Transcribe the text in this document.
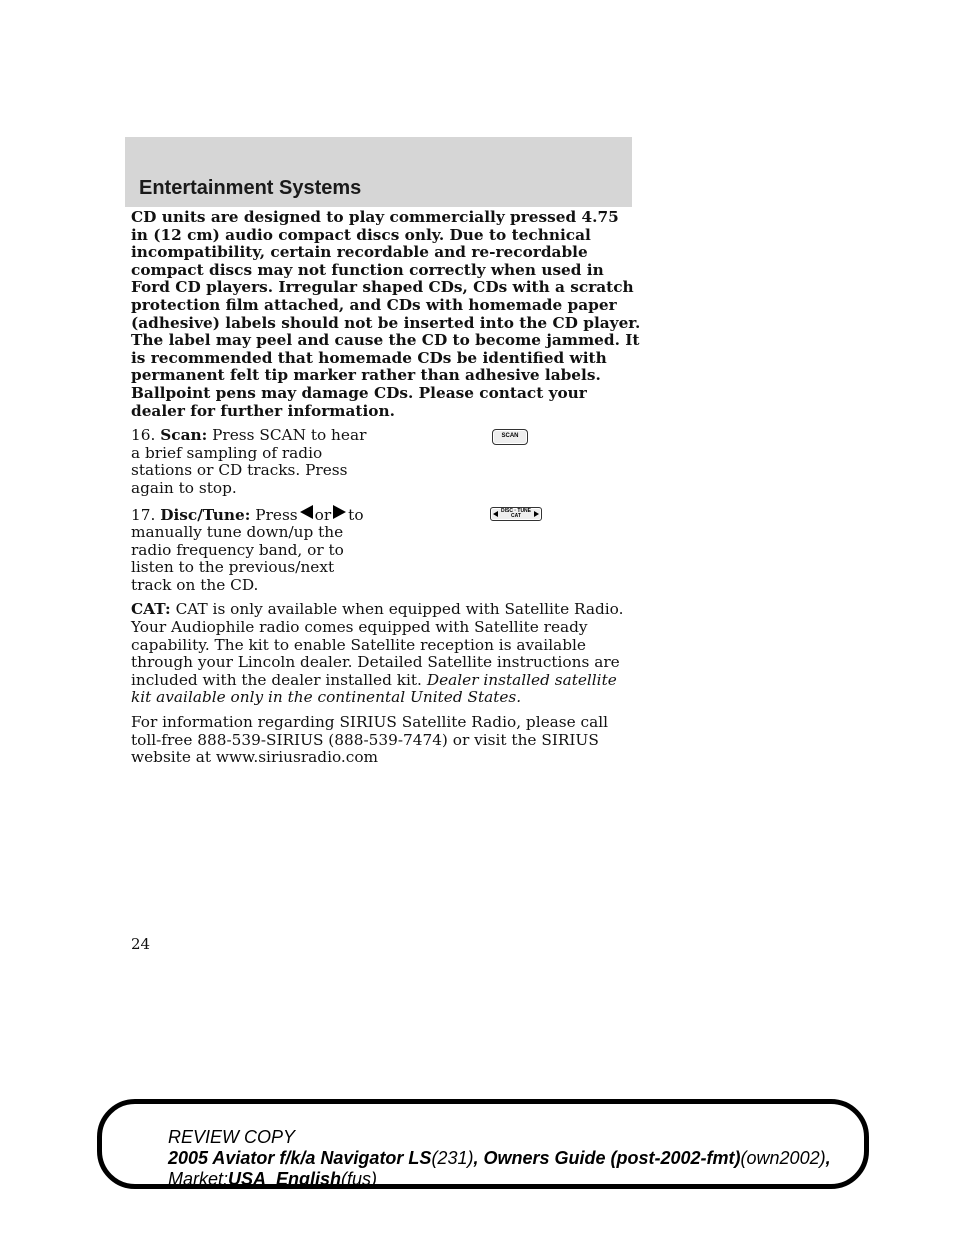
Entertainment Systems

CD units are designed to play commercially pressed 4.75 in (12 cm) audio compact discs only. Due to technical incompatibility, certain recordable and re-recordable compact discs may not function correctly when used in Ford CD players. Irregular shaped CDs, CDs with a scratch protection film attached, and CDs with homemade paper (adhesive) labels should not be inserted into the CD player. The label may peel and cause the CD to become jammed. It is recommended that homemade CDs be identified with permanent felt tip marker rather than adhesive labels. Ballpoint pens may damage CDs. Please contact your dealer for further information.

16. Scan: Press SCAN to hear a brief sampling of radio stations or CD tracks. Press again to stop.

SCAN

17. Disc/Tune: Press or to manually tune down/up the radio frequency band, or to listen to the previous/next track on the CD.

DISC · TUNE
CAT

CAT: CAT is only available when equipped with Satellite Radio. Your Audiophile radio comes equipped with Satellite ready capability. The kit to enable Satellite reception is available through your Lincoln dealer. Detailed Satellite instructions are included with the dealer installed kit. Dealer installed satellite kit available only in the continental United States.

For information regarding SIRIUS Satellite Radio, please call toll-free 888-539-SIRIUS (888-539-7474) or visit the SIRIUS website at www.siriusradio.com

24

REVIEW COPY
2005 Aviator f/k/a Navigator LS(231), Owners Guide (post-2002-fmt)(own2002),
Market:USA_English(fus)
